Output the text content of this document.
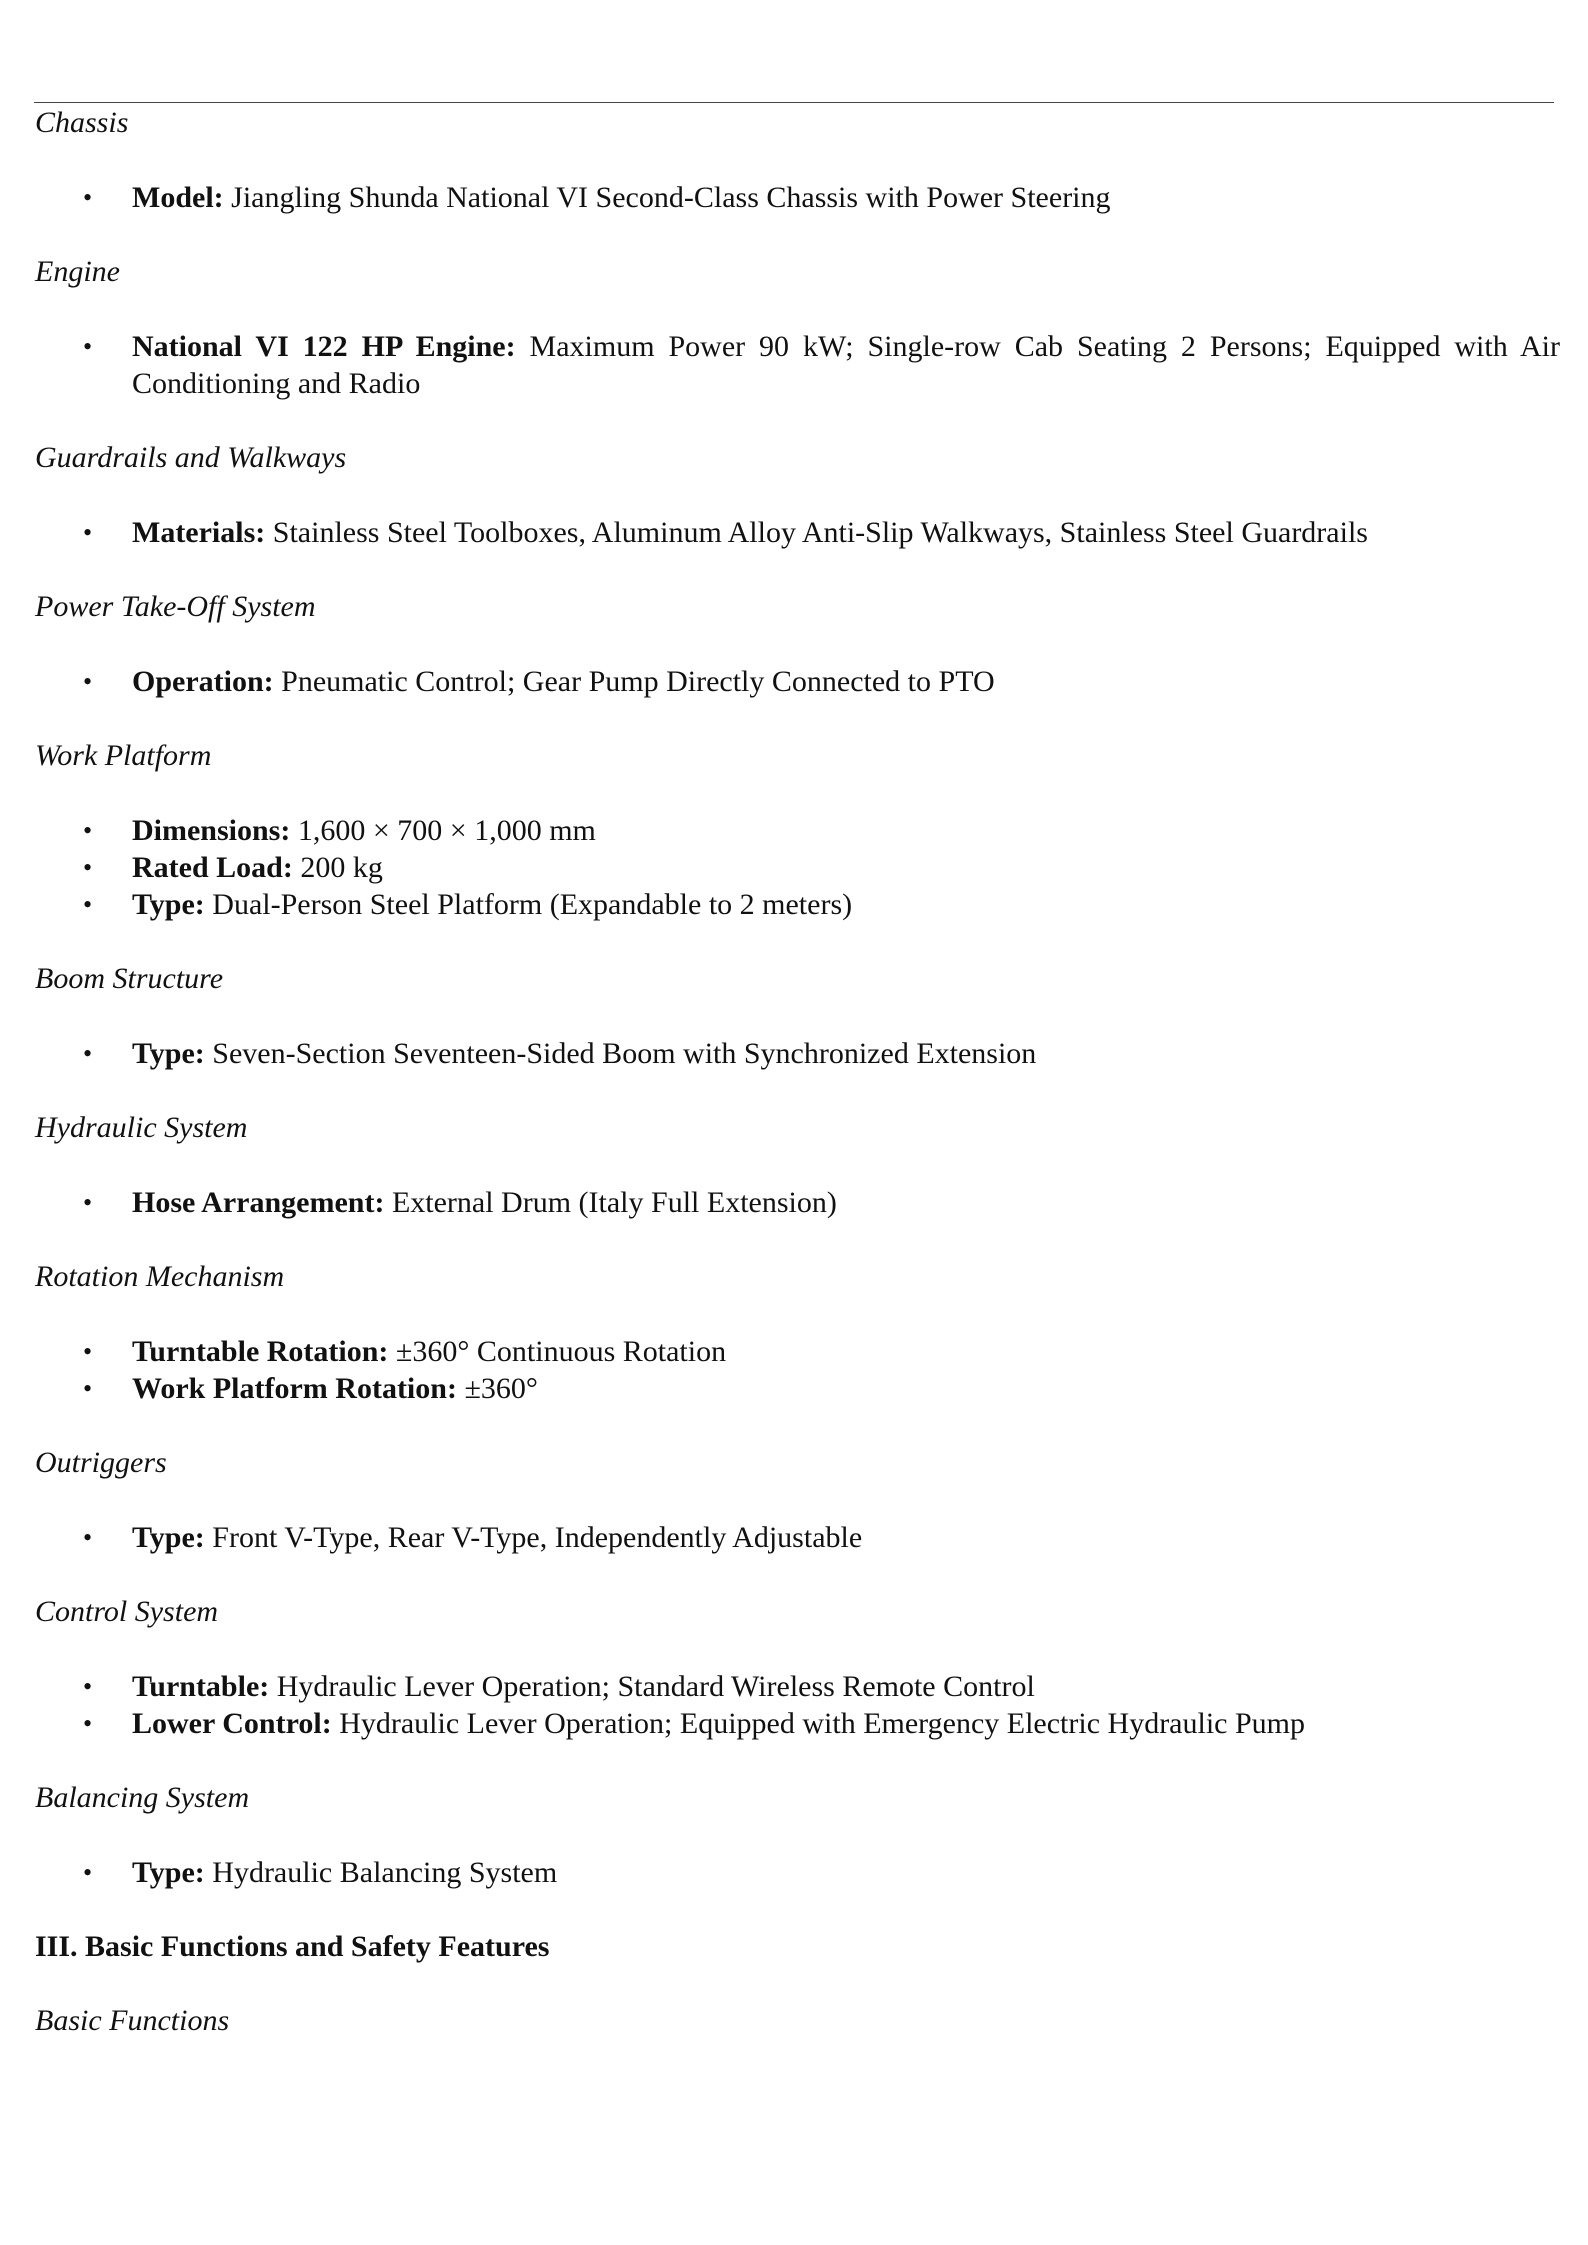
Chassis
• Model: Jiangling Shunda National VI Second-Class Chassis with Power Steering
Engine
• National VI 122 HP Engine: Maximum Power 90 kW; Single-row Cab Seating 2 Persons; Equipped with Air Conditioning and Radio
Guardrails and Walkways
• Materials: Stainless Steel Toolboxes, Aluminum Alloy Anti-Slip Walkways, Stainless Steel Guardrails
Power Take-Off System
• Operation: Pneumatic Control; Gear Pump Directly Connected to PTO
Work Platform
• Dimensions: 1,600 × 700 × 1,000 mm
• Rated Load: 200 kg
• Type: Dual-Person Steel Platform (Expandable to 2 meters)
Boom Structure
• Type: Seven-Section Seventeen-Sided Boom with Synchronized Extension
Hydraulic System
• Hose Arrangement: External Drum (Italy Full Extension)
Rotation Mechanism
• Turntable Rotation: ±360° Continuous Rotation
• Work Platform Rotation: ±360°
Outriggers
• Type: Front V-Type, Rear V-Type, Independently Adjustable
Control System
• Turntable: Hydraulic Lever Operation; Standard Wireless Remote Control
• Lower Control: Hydraulic Lever Operation; Equipped with Emergency Electric Hydraulic Pump
Balancing System
• Type: Hydraulic Balancing System
III. Basic Functions and Safety Features
Basic Functions
